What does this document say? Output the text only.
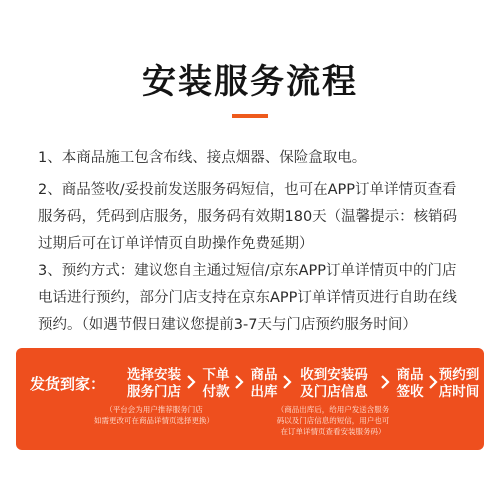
安装服务流程
1、本商品施工包含布线、接点烟器、保险盒取电。
2、商品签收/妥投前发送服务码短信，也可在APP订单详情页查看服务码，凭码到店服务，服务码有效期180天（温馨提示：核销码过期后可在订单详情页自助操作免费延期）
3、预约方式：建议您自主通过短信/京东APP订单详情页中的门店电话进行预约，部分门店支持在京东APP订单详情页进行自助在线预约。（如遇节假日建议您提前3-7天与门店预约服务时间）
发货到家：	选择安装
服务门店
（平台会为用户推荐服务门店
如需更改可在商品详情页选择更换）
下单
付款
商品
出库
收到安装码
及门店信息
（商品出库后，给用户发送含服务
码以及门店信息的短信，用户也可
在订单详情页查看安装服务码）
商品
签收
预约到
店时间
